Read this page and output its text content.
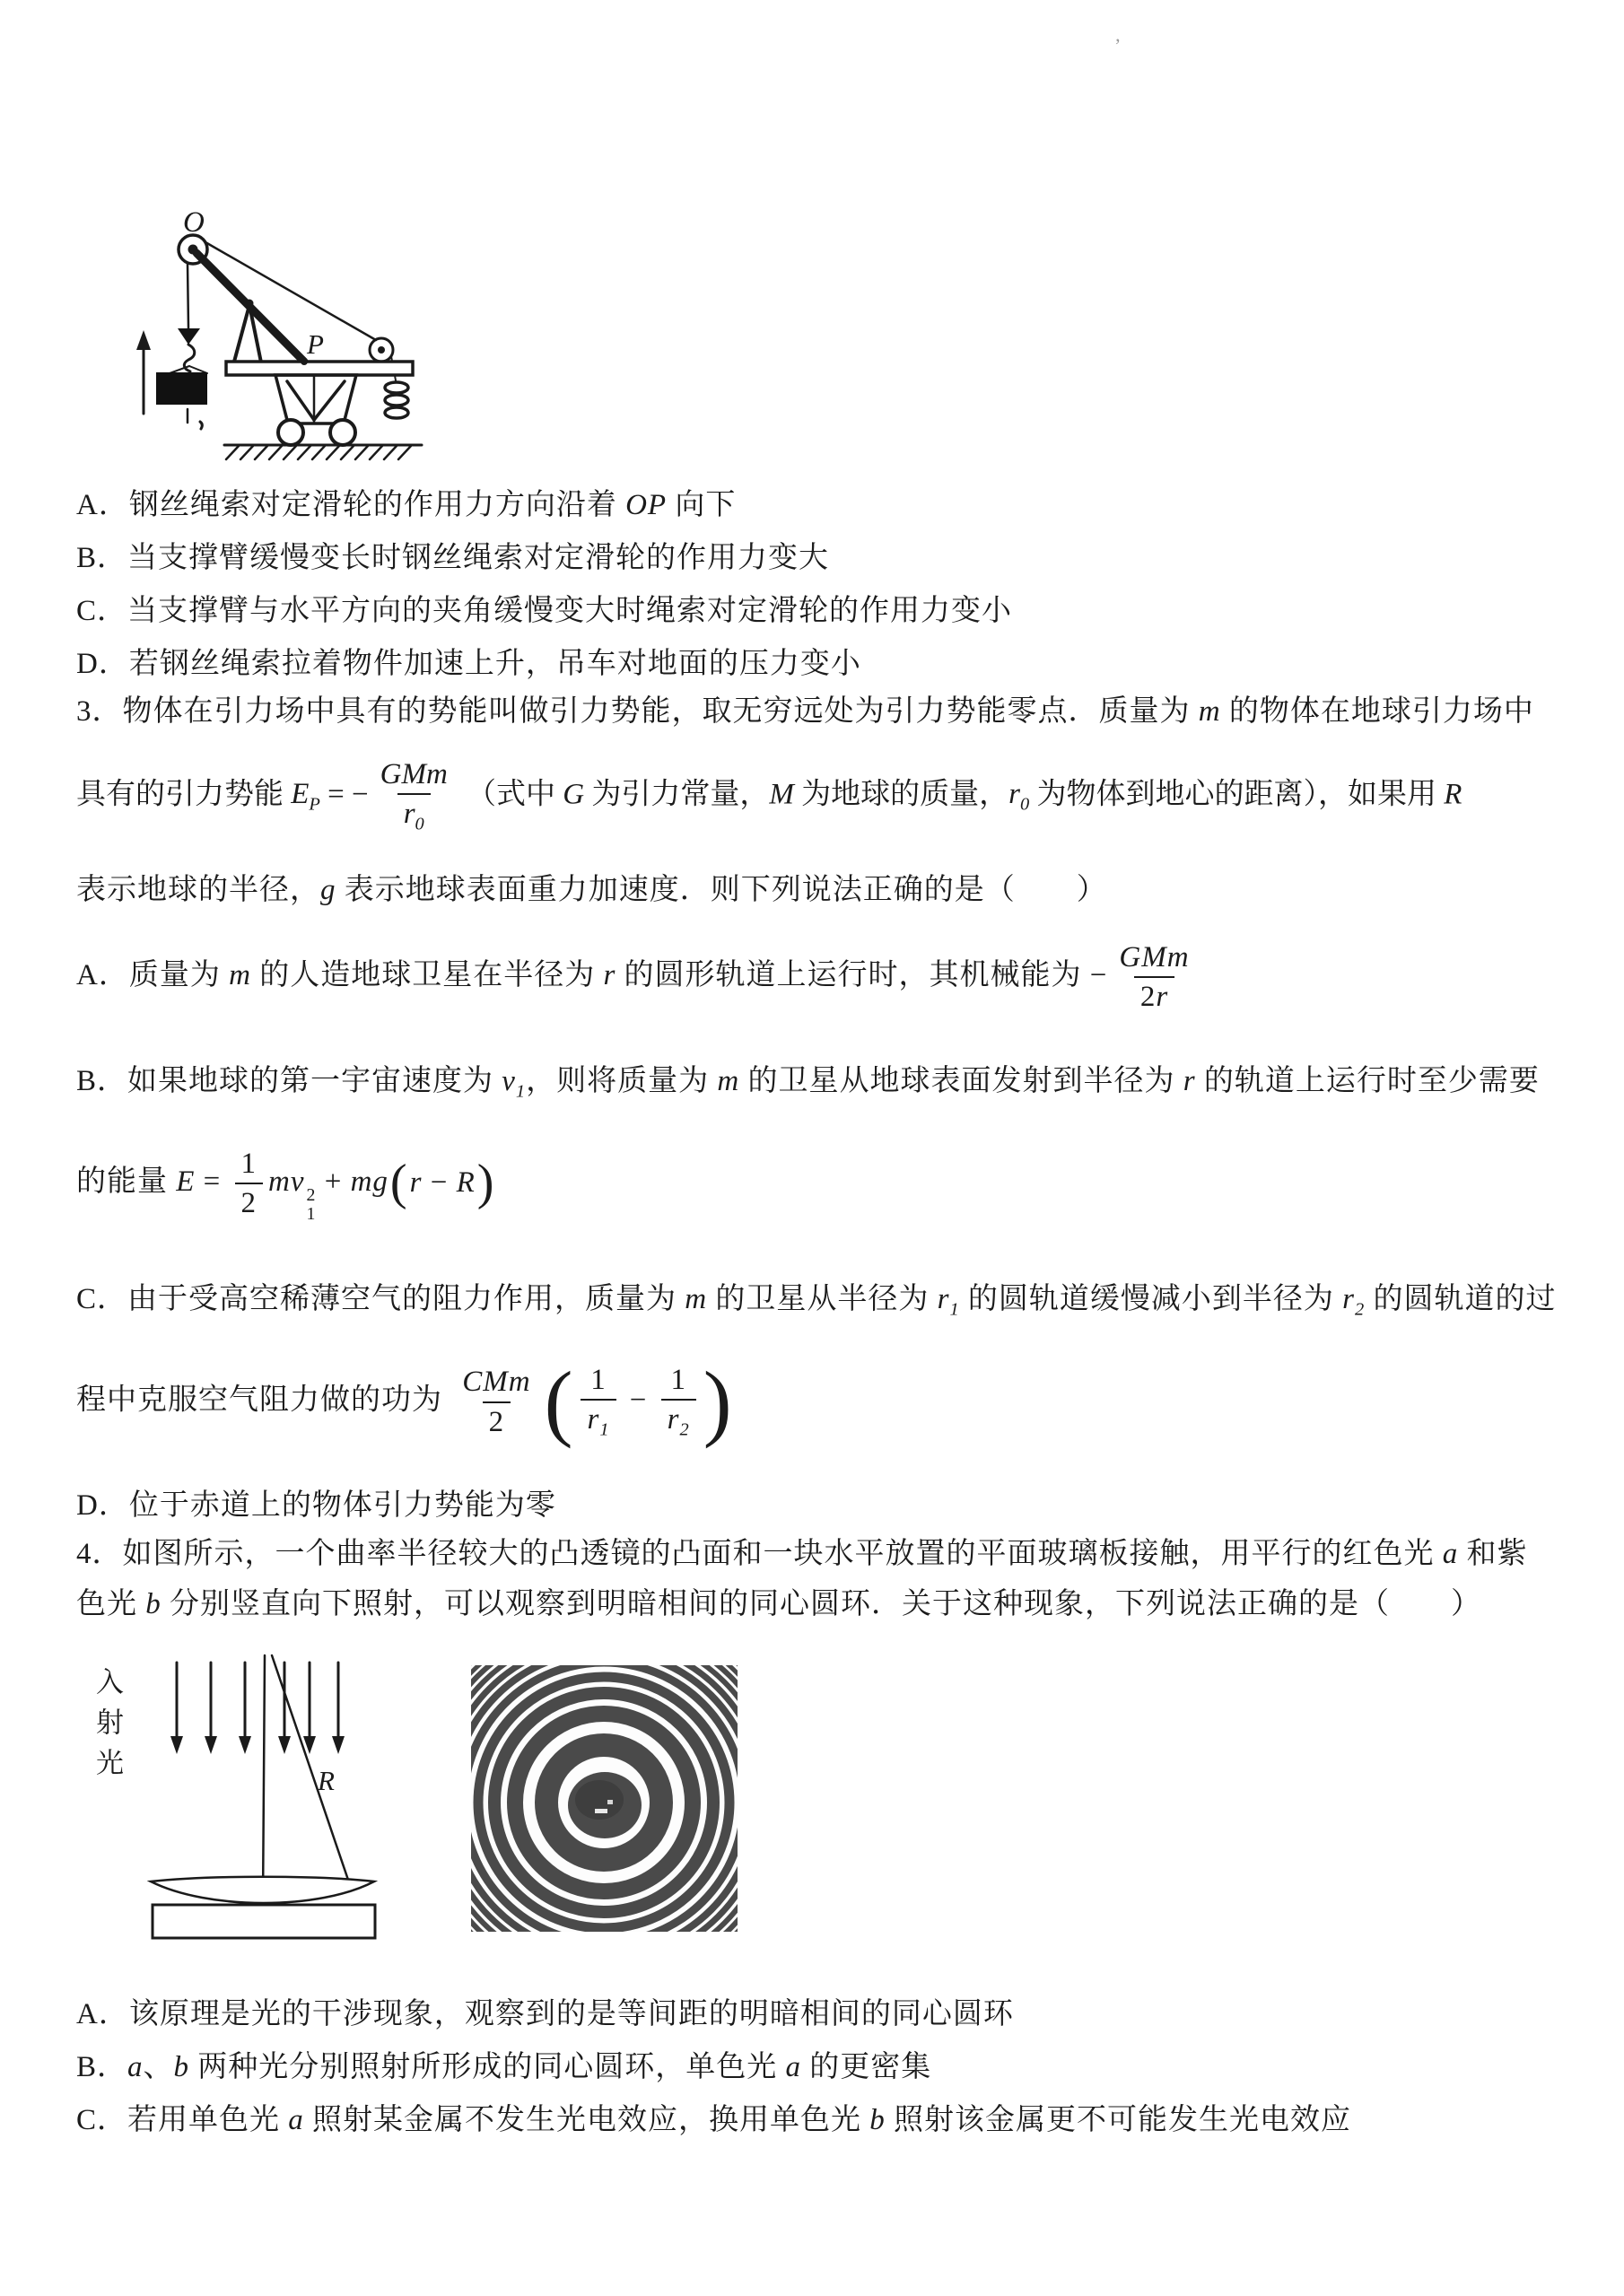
’
O
P
A．钢丝绳索对定滑轮的作用力方向沿着 OP 向下
B．当支撑臂缓慢变长时钢丝绳索对定滑轮的作用力变大
C．当支撑臂与水平方向的夹角缓慢变大时绳索对定滑轮的作用力变小
D．若钢丝绳索拉着物件加速上升，吊车对地面的压力变小
3．物体在引力场中具有的势能叫做引力势能，取无穷远处为引力势能零点．质量为 m 的物体在地球引力场中
具有的引力势能 $E_P$ = − $\frac{\text{GMm}}{r_0}$ （式中 G 为引力常量，M 为地球的质量，$r_0$ 为物体到地心的距离），如果用 R
表示地球的半径，g 表示地球表面重力加速度．则下列说法正确的是（　　）
A．质量为 m 的人造地球卫星在半径为 r 的圆形轨道上运行时，其机械能为 − $\frac{\text{GMm}}{2r}$
B．如果地球的第一宇宙速度为 $v_1$，则将质量为 m 的卫星从地球表面发射到半径为 r 的轨道上运行时至少需要
的能量 $E = \frac{1}{2}$ mv 2
1
+ mg ( r − R )
C．由于受高空稀薄空气的阻力作用，质量为 m 的卫星从半径为 $r_1$ 的圆轨道缓慢减小到半径为 $r_2$ 的圆轨道的过
程中克服空气阻力做的功为 $\frac{\text{CMm}}{2}$ ( $\frac{1}{r_1} - \frac{1}{r_2}$ )
D．位于赤道上的物体引力势能为零
4．如图所示，一个曲率半径较大的凸透镜的凸面和一块水平放置的平面玻璃板接触，用平行的红色光 a 和紫
色光 b 分别竖直向下照射，可以观察到明暗相间的同心圆环．关于这种现象，下列说法正确的是（　　）
入射光	R
A．该原理是光的干涉现象，观察到的是等间距的明暗相间的同心圆环
B．a、b 两种光分别照射所形成的同心圆环，单色光 a 的更密集
C．若用单色光 a 照射某金属不发生光电效应，换用单色光 b 照射该金属更不可能发生光电效应
